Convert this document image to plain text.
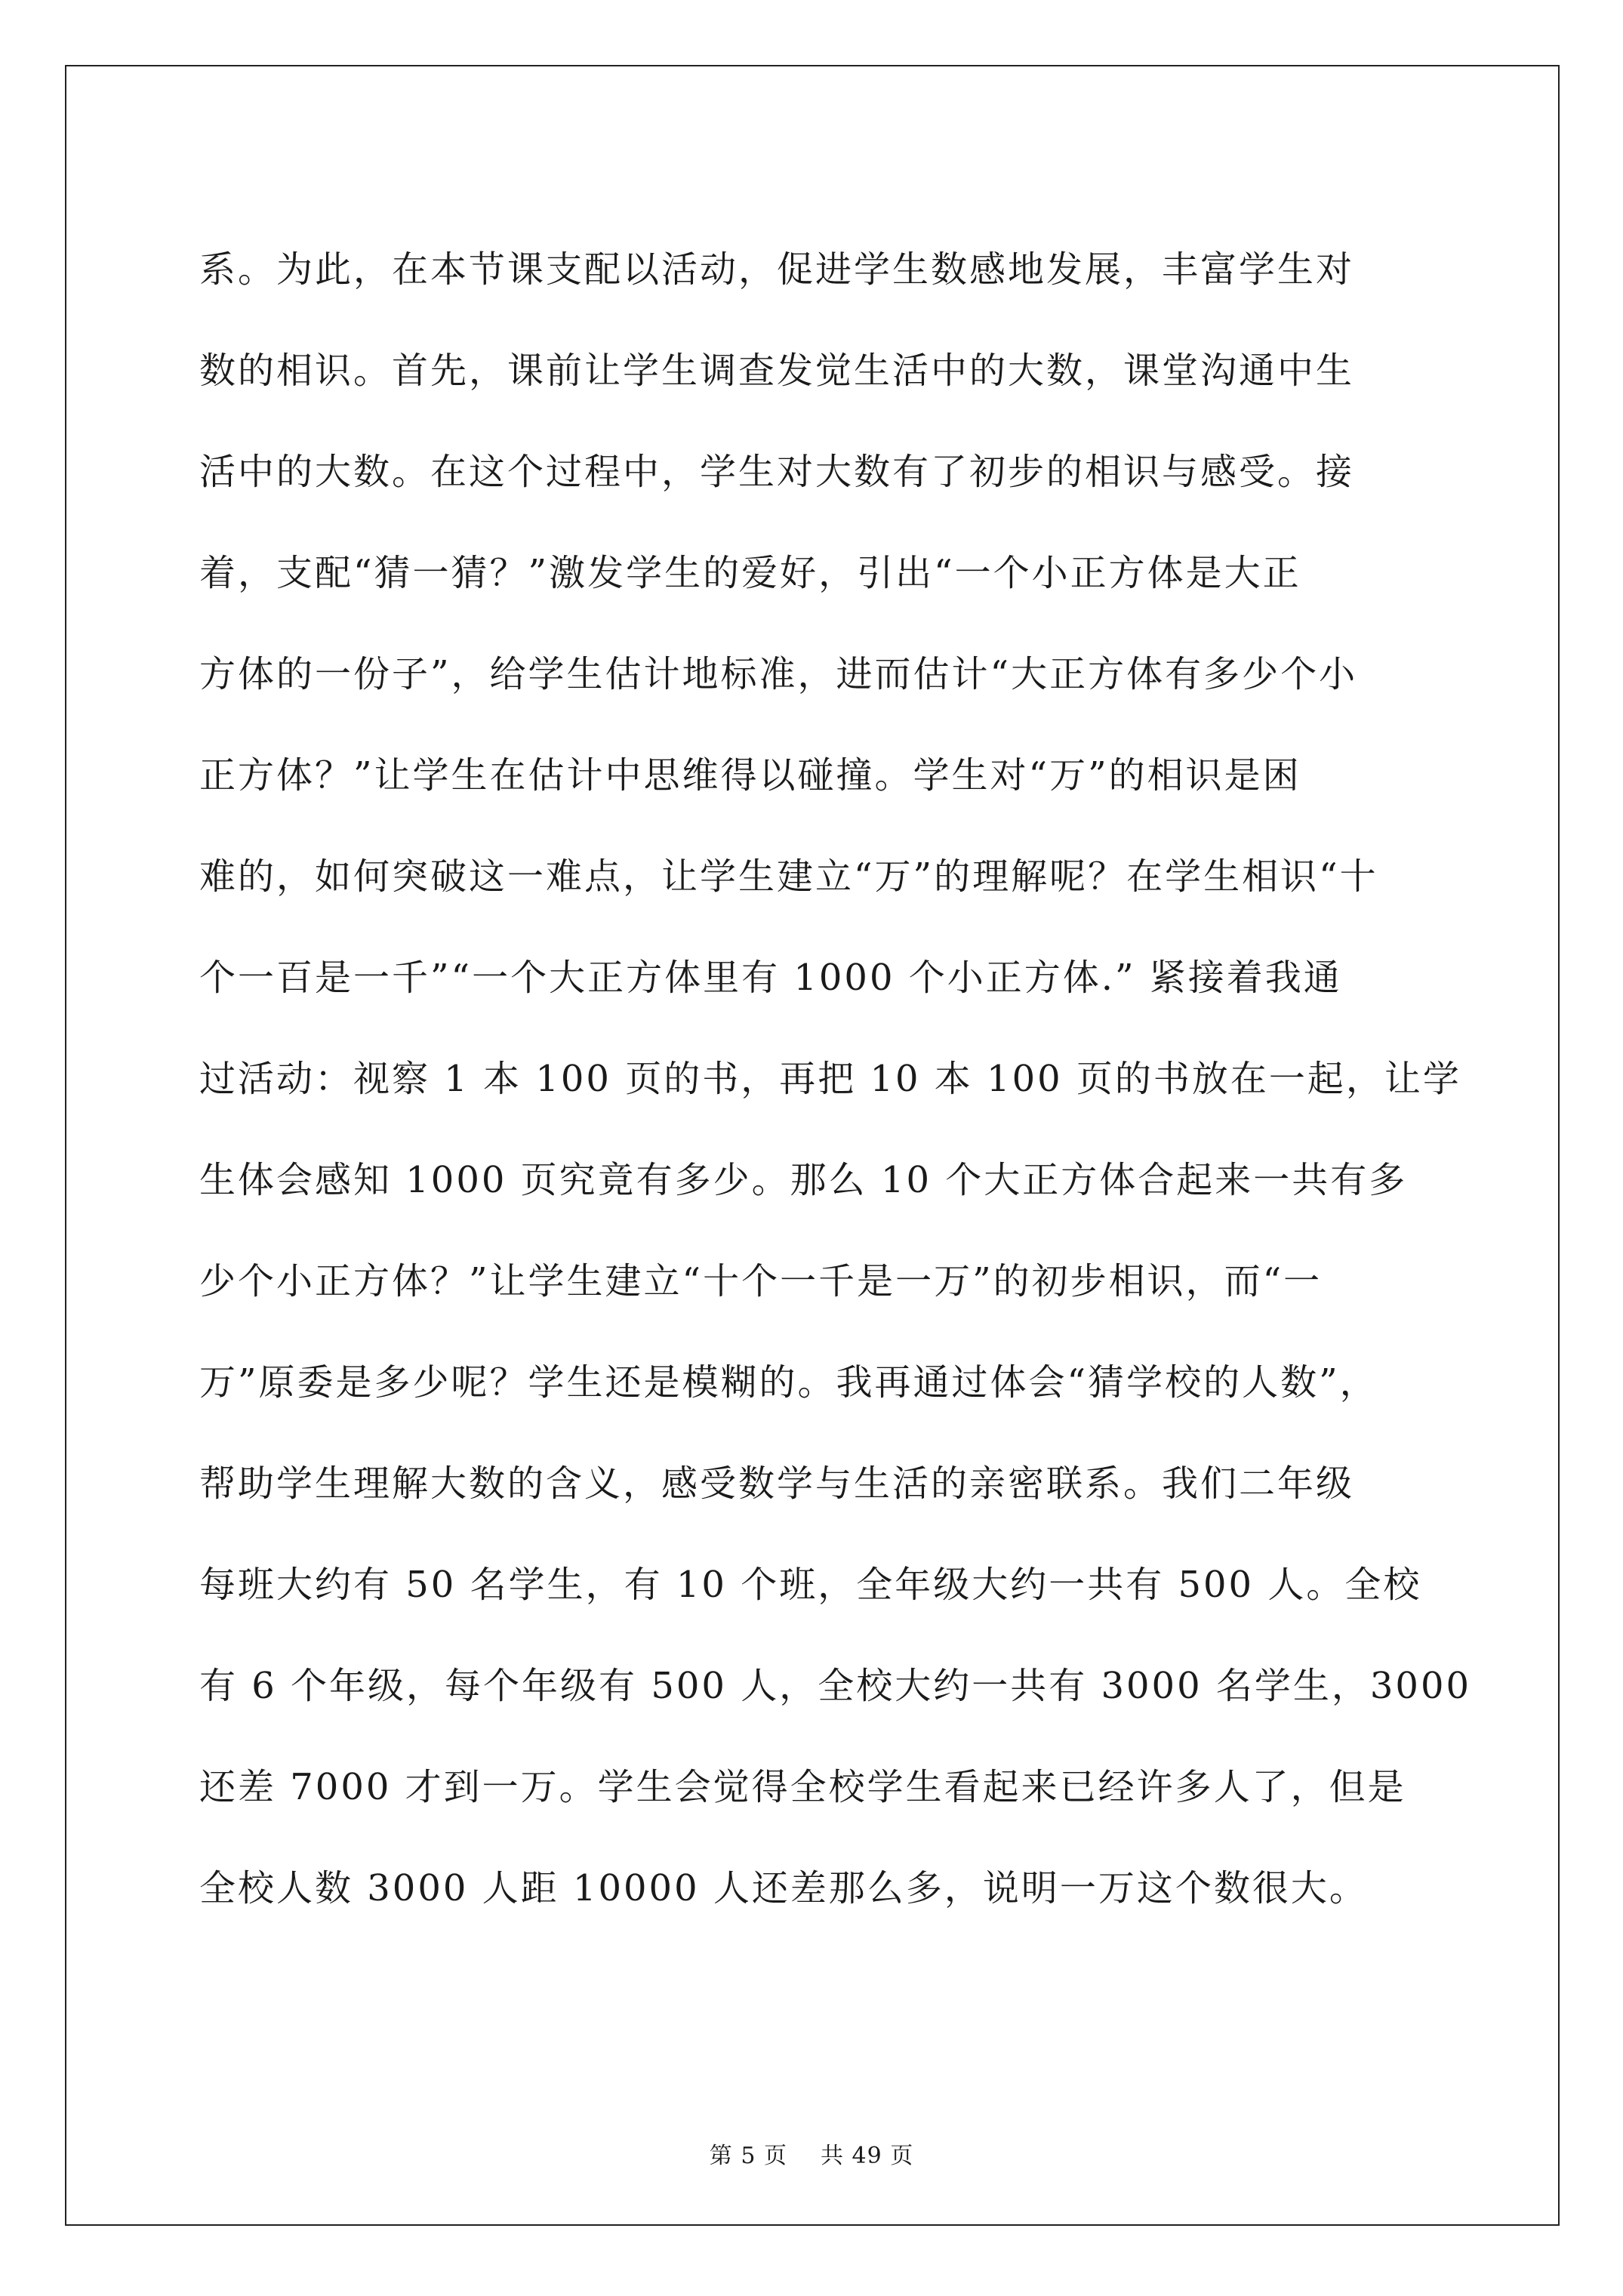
系。为此，在本节课支配以活动，促进学生数感地发展，丰富学生对
数的相识。首先，课前让学生调查发觉生活中的大数，课堂沟通中生
活中的大数。在这个过程中，学生对大数有了初步的相识与感受。接
着，支配“猜一猜？”激发学生的爱好，引出“一个小正方体是大正
方体的一份子”，给学生估计地标准，进而估计“大正方体有多少个小
正方体？”让学生在估计中思维得以碰撞。学生对“万”的相识是困
难的，如何突破这一难点，让学生建立“万”的理解呢？在学生相识“十
个一百是一千”“一个大正方体里有 1000 个小正方体.” 紧接着我通
过活动：视察 1 本 100 页的书，再把 10 本 100 页的书放在一起，让学
生体会感知 1000 页究竟有多少。那么 10 个大正方体合起来一共有多
少个小正方体？”让学生建立“十个一千是一万”的初步相识，而“一
万”原委是多少呢？学生还是模糊的。我再通过体会“猜学校的人数”，
帮助学生理解大数的含义，感受数学与生活的亲密联系。我们二年级
每班大约有 50 名学生，有 10 个班，全年级大约一共有 500 人。全校
有 6 个年级，每个年级有 500 人，全校大约一共有 3000 名学生，3000
还差 7000 才到一万。学生会觉得全校学生看起来已经许多人了，但是
全校人数 3000 人距 10000 人还差那么多，说明一万这个数很大。
第 5 页 共 49 页
